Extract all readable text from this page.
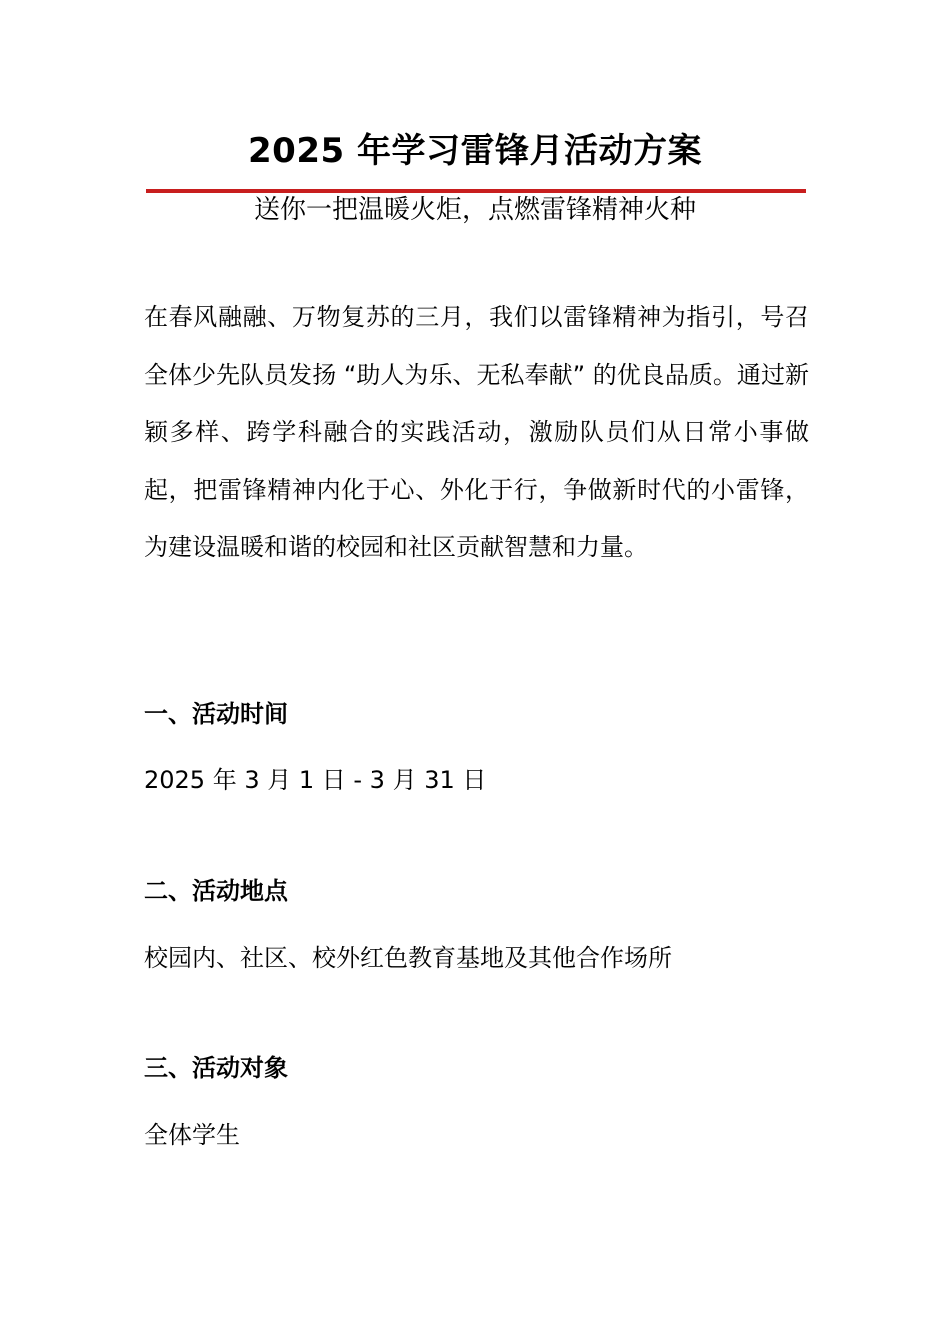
2025 年学习雷锋月活动方案
送你一把温暖火炬，点燃雷锋精神火种

在春风融融、万物复苏的三月，我们以雷锋精神为指引，号召全体少先队员发扬 “助人为乐、无私奉献” 的优良品质。通过新颖多样、跨学科融合的实践活动，激励队员们从日常小事做起，把雷锋精神内化于心、外化于行，争做新时代的小雷锋，为建设温暖和谐的校园和社区贡献智慧和力量。

一、活动时间

2025 年 3 月 1 日 - 3 月 31 日

二、活动地点

校园内、社区、校外红色教育基地及其他合作场所

三、活动对象

全体学生
